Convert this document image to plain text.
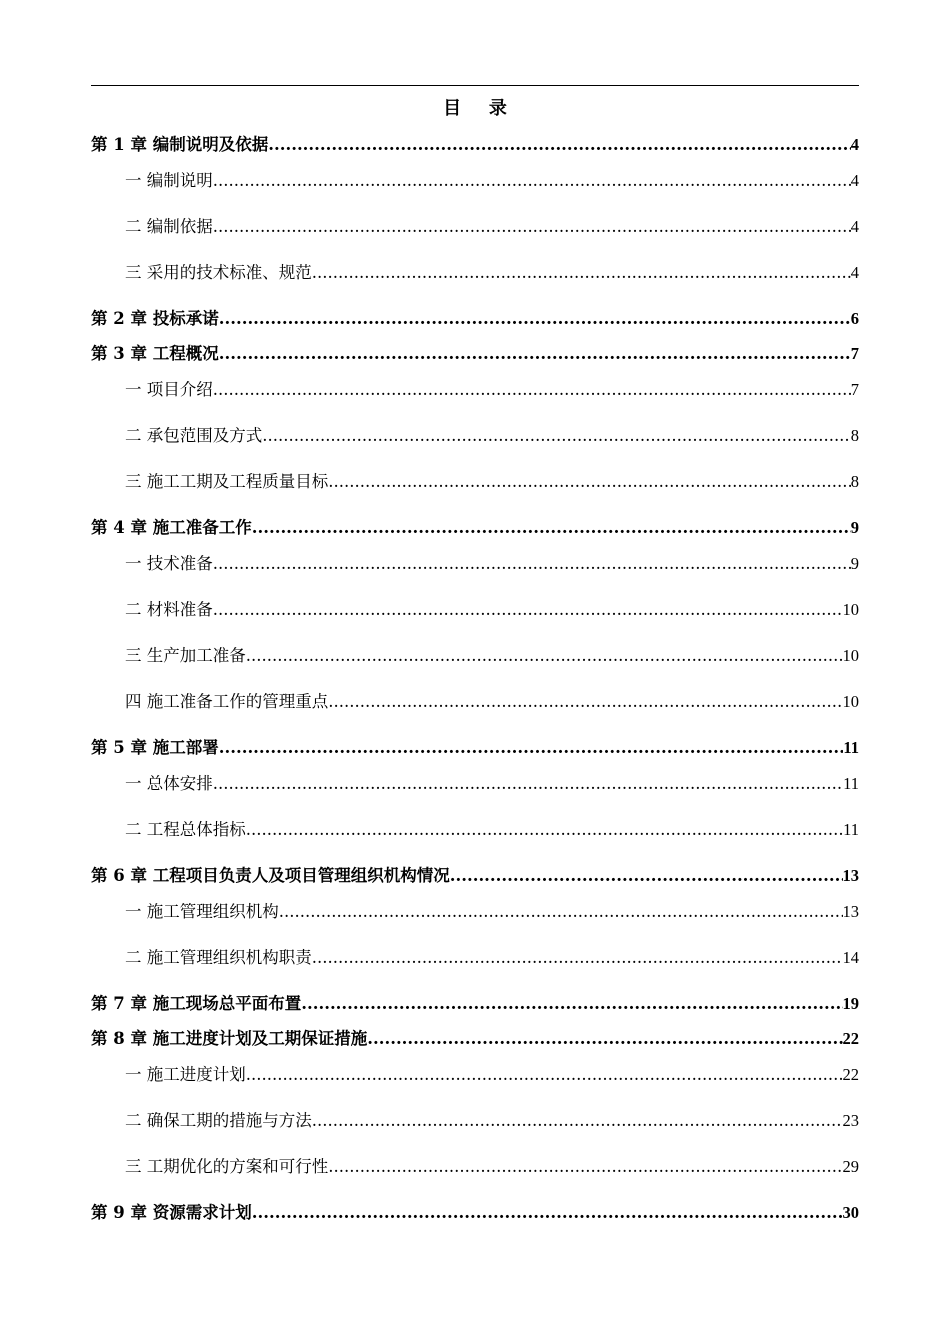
目 录
第 1 章 编制说明及依据 .....	4
一 编制说明 .....	4
二 编制依据 .....	4
三 采用的技术标准、规范 .....	4
第 2 章 投标承诺 .....	6
第 3 章 工程概况 .....	7
一 项目介绍 .....	7
二 承包范围及方式 .....	8
三 施工工期及工程质量目标 .....	8
第 4 章 施工准备工作 .....	9
一 技术准备 .....	9
二 材料准备 .....	10
三 生产加工准备 .....	10
四 施工准备工作的管理重点 .....	10
第 5 章 施工部署 .....	11
一 总体安排 .....	11
二 工程总体指标 .....	11
第 6 章 工程项目负责人及项目管理组织机构情况 .....	13
一 施工管理组织机构 .....	13
二 施工管理组织机构职责 .....	14
第 7 章 施工现场总平面布置 .....	19
第 8 章 施工进度计划及工期保证措施 .....	22
一 施工进度计划 .....	22
二 确保工期的措施与方法 .....	23
三 工期优化的方案和可行性 .....	29
第 9 章 资源需求计划 .....	30
